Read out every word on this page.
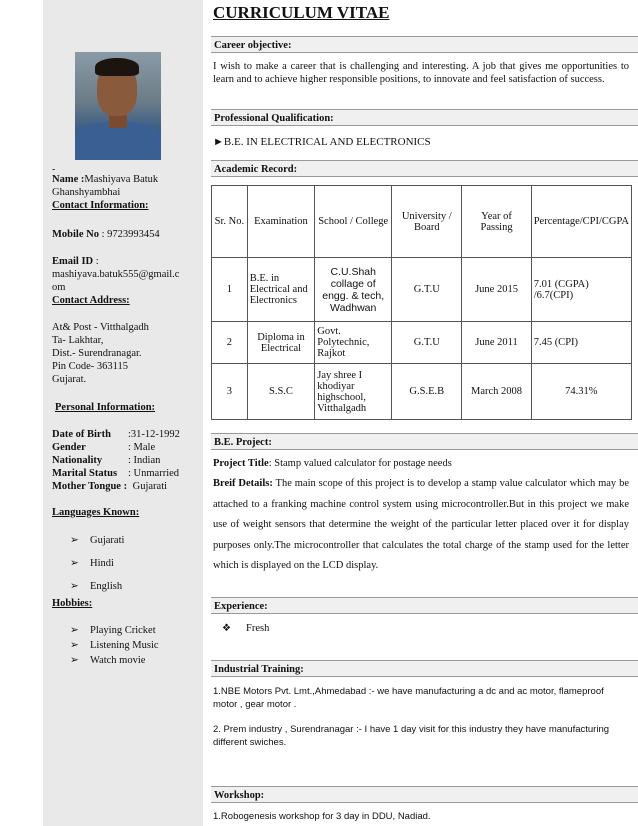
-
Name :Mashiyava Batuk
Ghanshyambhai
Contact Information:
Mobile No : 9723993454
Email ID :
mashiyava.batuk555@gmail.c
om
Contact Address:
At& Post - Vitthalgadh
Ta- Lakhtar,
Dist.- Surendranagar.
Pin Code- 363115
Gujarat.
Personal Information:
Date of Birth :31-12-1992
Gender	: Male
Nationality : Indian
Marital Status : Unmarried
Mother Tongue : Gujarati
Languages Known:
➢ Gujarati
➢ Hindi
➢ English
Hobbies:
➢ Playing Cricket
➢ Listening Music
➢ Watch movie
CURRICULUM VITAE
Career objective:
I wish to make a career that is challenging and interesting. A job that gives me opportunities to learn and to achieve higher responsible positions, to innovate and feel satisfaction of success.
Professional Qualification:
►B.E. IN ELECTRICAL AND ELECTRONICS
Academic Record:
Sr. No.	Examination	School / College	University / Board	Year of Passing	Percentage/CPI/CGPA
1	B.E. in Electrical and Electronics	C.U.Shah collage of engg. & tech, Wadhwan	G.T.U	June 2015	7.01 (CGPA) /6.7(CPI)
2	Diploma in Electrical	Govt. Polytechnic, Rajkot	G.T.U	June 2011	7.45 (CPI)
3	S.S.C	Jay shree I khodiyar highschool, Vitthalgadh	G.S.E.B	March 2008	74.31%
B.E. Project:
Project Title: Stamp valued calculator for postage needs
Breif Details: The main scope of this project is to develop a stamp value calculator which may be attached to a franking machine control system using microcontroller.But in this project we make use of weight sensors that determine the weight of the particular letter placed over it for display purposes only.The microcontroller that calculates the total charge of the stamp used for the letter which is displayed on the LCD display.
Experience:
❖ Fresh
Industrial Training:
1.NBE Motors Pvt. Lmt.,Ahmedabad :- we have manufacturing a dc and ac motor, flameproof motor , gear motor .
2. Prem industry , Surendranagar :- I have 1 day visit for this industry they have manufacturing different swiches.
Workshop:
1.Robogenesis workshop for 3 day in DDU, Nadiad.
